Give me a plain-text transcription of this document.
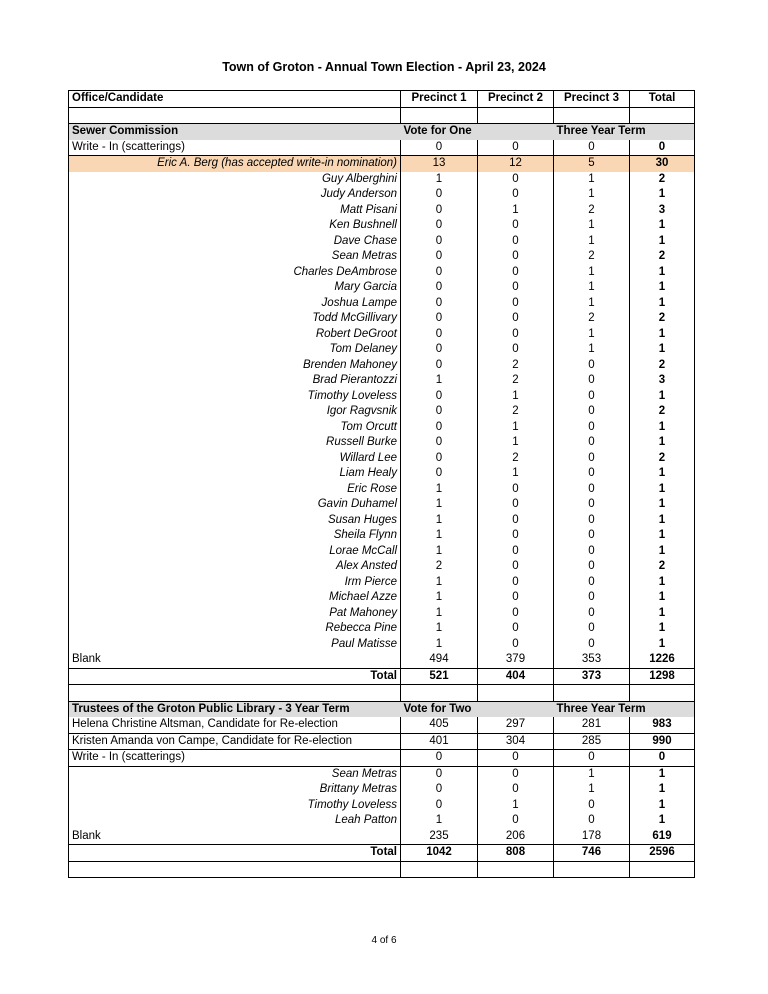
Town of Groton - Annual Town Election - April 23, 2024
Office/Candidate	Precinct 1	Precinct 2	Precinct 3	Total

Sewer Commission	Vote for One		Three Year Term	
Write - In (scatterings)	0	0	0	0
Eric A. Berg (has accepted write-in nomination)	13	12	5	30
Guy Alberghini	1	0	1	2
Judy Anderson	0	0	1	1
Matt Pisani	0	1	2	3
Ken Bushnell	0	0	1	1
Dave Chase	0	0	1	1
Sean Metras	0	0	2	2
Charles DeAmbrose	0	0	1	1
Mary Garcia	0	0	1	1
Joshua Lampe	0	0	1	1
Todd McGillivary	0	0	2	2
Robert DeGroot	0	0	1	1
Tom Delaney	0	0	1	1
Brenden Mahoney	0	2	0	2
Brad Pierantozzi	1	2	0	3
Timothy Loveless	0	1	0	1
Igor Ragvsnik	0	2	0	2
Tom Orcutt	0	1	0	1
Russell Burke	0	1	0	1
Willard Lee	0	2	0	2
Liam Healy	0	1	0	1
Eric Rose	1	0	0	1
Gavin Duhamel	1	0	0	1
Susan Huges	1	0	0	1
Sheila Flynn	1	0	0	1
Lorae McCall	1	0	0	1
Alex Ansted	2	0	0	2
Irm Pierce	1	0	0	1
Michael Azze	1	0	0	1
Pat Mahoney	1	0	0	1
Rebecca Pine	1	0	0	1
Paul Matisse	1	0	0	1
Blank	494	379	353	1226
Total	521	404	373	1298

Trustees of the Groton Public Library - 3 Year Term	Vote for Two		Three Year Term	
Helena Christine Altsman, Candidate for Re-election	405	297	281	983
Kristen Amanda von Campe, Candidate for Re-election	401	304	285	990
Write - In (scatterings)	0	0	0	0
Sean Metras	0	0	1	1
Brittany Metras	0	0	1	1
Timothy Loveless	0	1	0	1
Leah Patton	1	0	0	1
Blank	235	206	178	619
Total	1042	808	746	2596

4 of 6
